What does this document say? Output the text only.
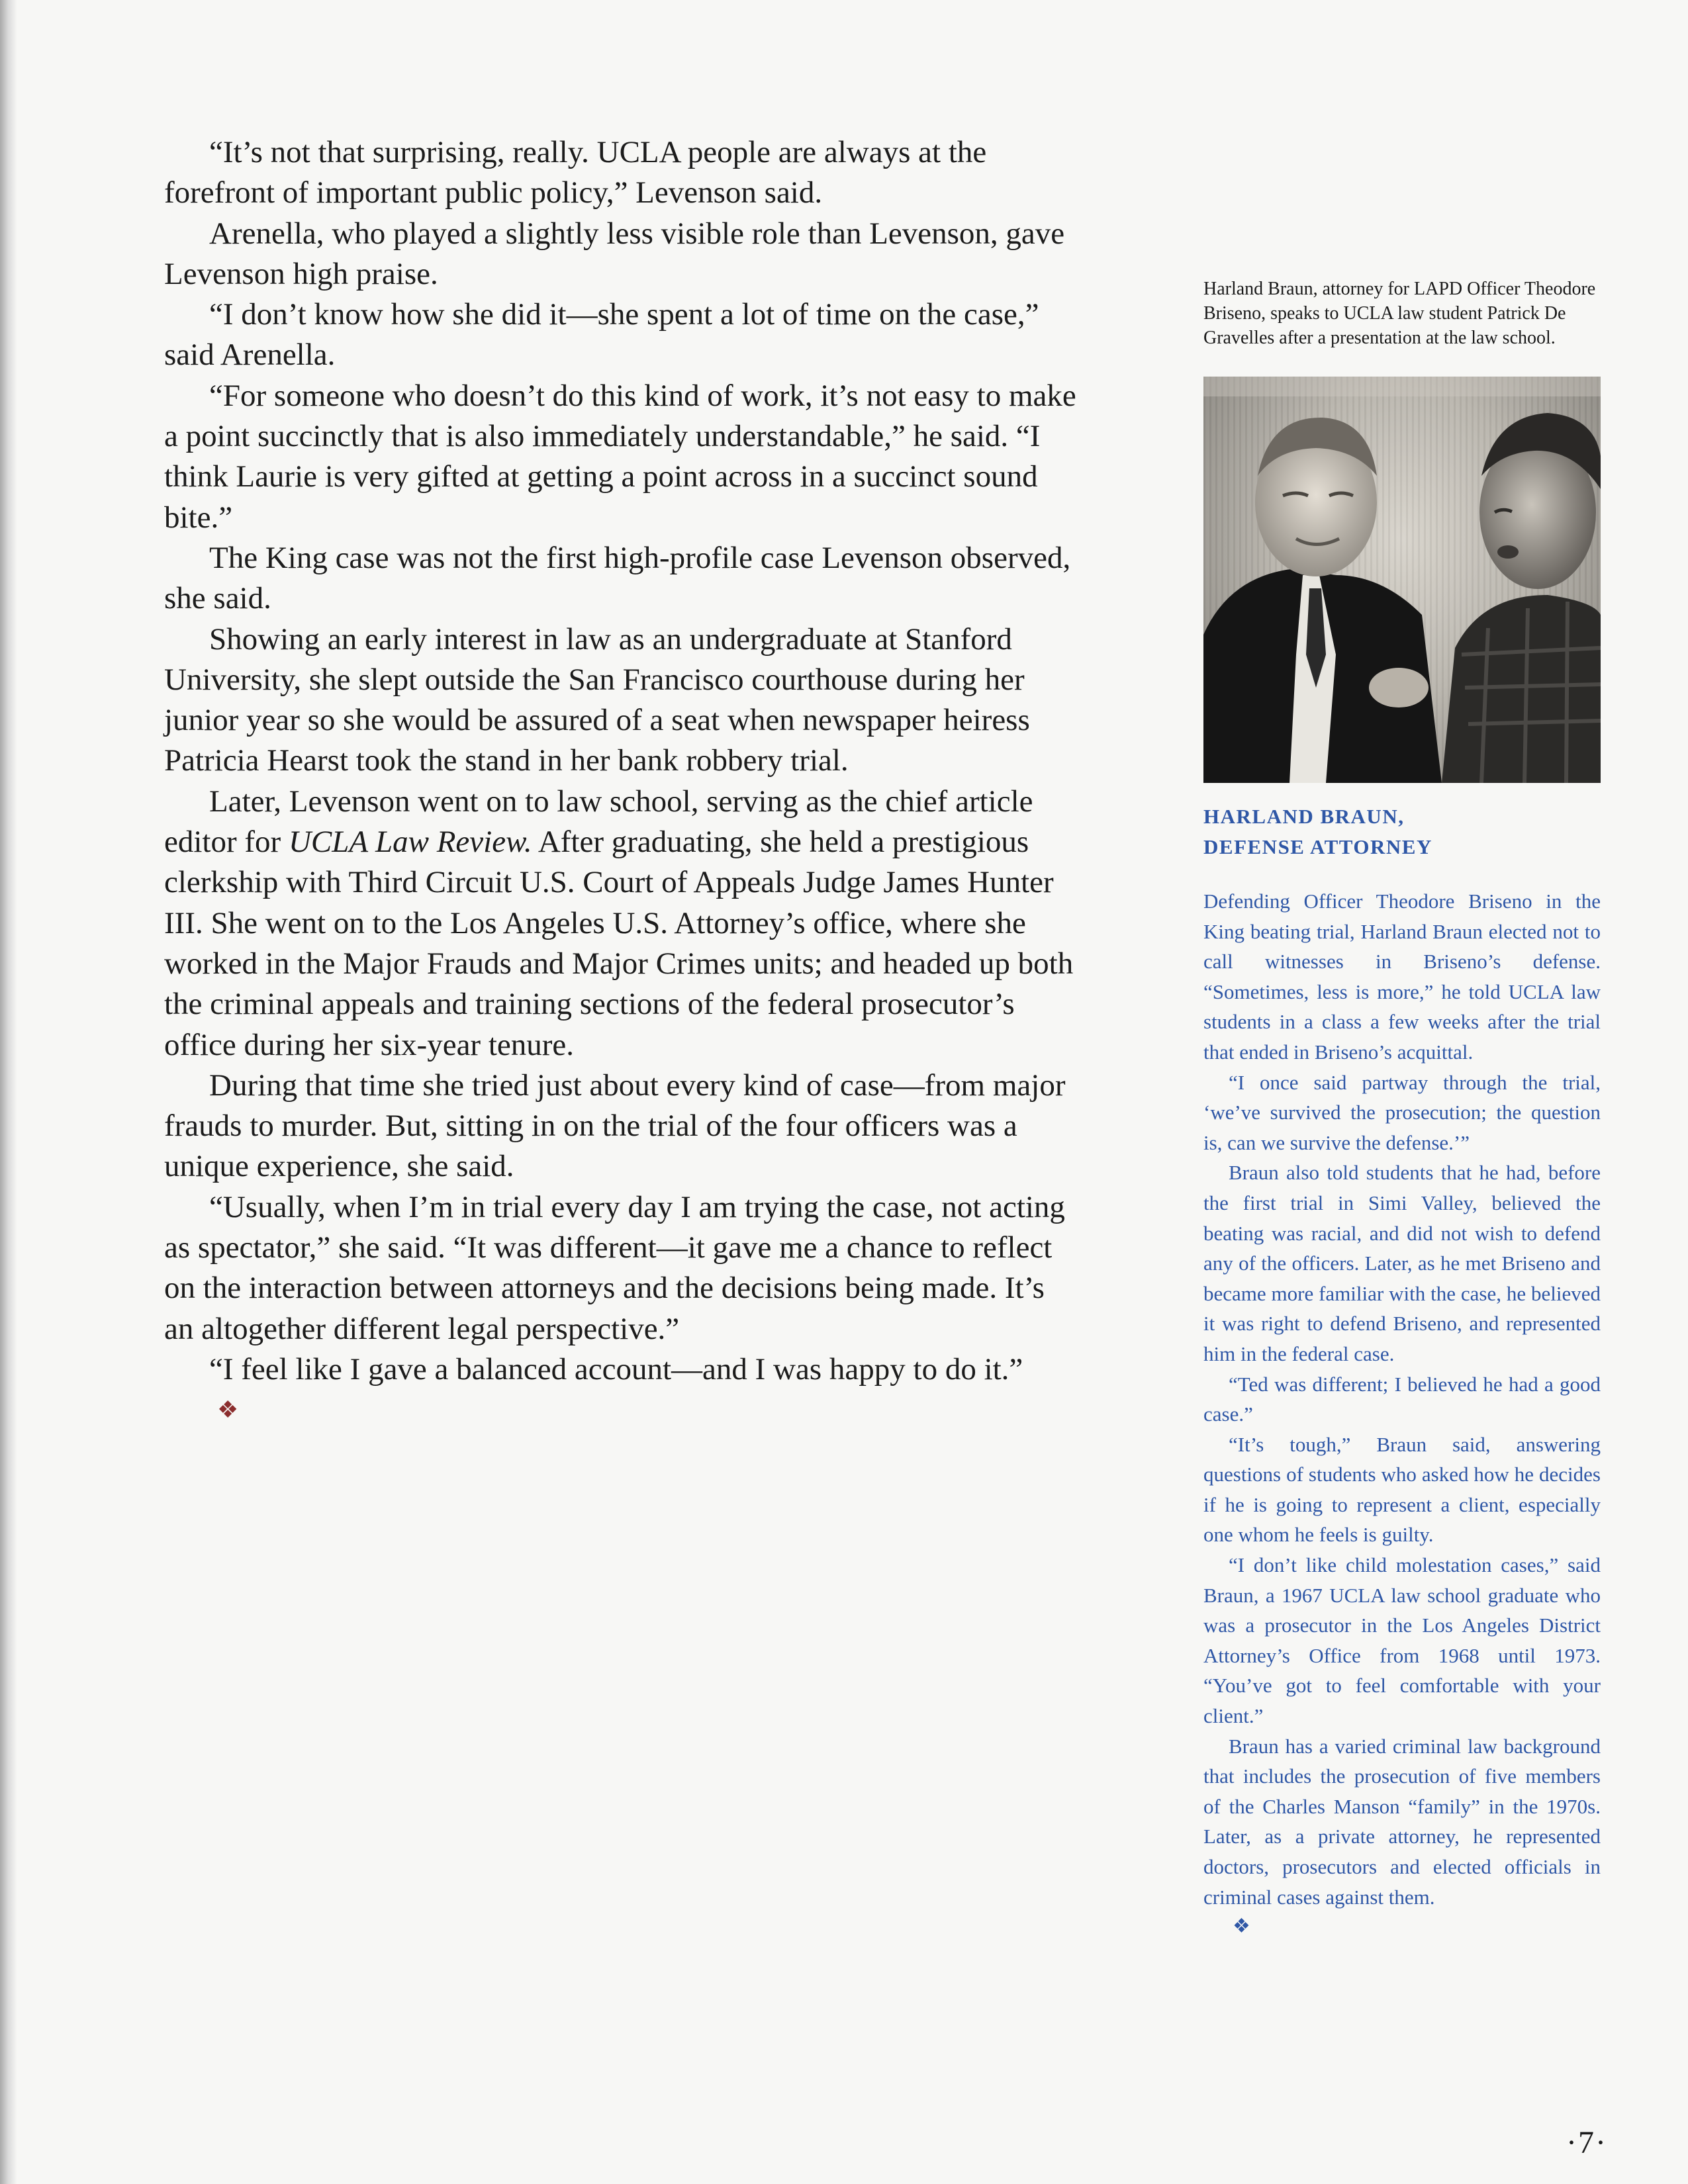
“It’s not that surprising, really. UCLA people are always at the forefront of important public policy,” Levenson said.

Arenella, who played a slightly less visible role than Levenson, gave Levenson high praise.

“I don’t know how she did it—she spent a lot of time on the case,” said Arenella.

“For someone who doesn’t do this kind of work, it’s not easy to make a point succinctly that is also immediately understandable,” he said. “I think Laurie is very gifted at getting a point across in a succinct sound bite.”

The King case was not the first high-profile case Levenson observed, she said.

Showing an early interest in law as an undergraduate at Stanford University, she slept outside the San Francisco courthouse during her junior year so she would be assured of a seat when newspaper heiress Patricia Hearst took the stand in her bank robbery trial.

Later, Levenson went on to law school, serving as the chief article editor for UCLA Law Review. After graduating, she held a prestigious clerkship with Third Circuit U.S. Court of Appeals Judge James Hunter III. She went on to the Los Angeles U.S. Attorney’s office, where she worked in the Major Frauds and Major Crimes units; and headed up both the criminal appeals and training sections of the federal prosecutor’s office during her six-year tenure.

During that time she tried just about every kind of case—from major frauds to murder. But, sitting in on the trial of the four officers was a unique experience, she said.

“Usually, when I’m in trial every day I am trying the case, not acting as spectator,” she said. “It was different—it gave me a chance to reflect on the interaction between attorneys and the decisions being made. It’s an altogether different legal perspective.”

“I feel like I gave a balanced account—and I was happy to do it.”

❖

Harland Braun, attorney for LAPD Officer Theodore Briseno, speaks to UCLA law student Patrick De Gravelles after a presentation at the law school.

HARLAND BRAUN,
DEFENSE ATTORNEY

Defending Officer Theodore Briseno in the King beating trial, Harland Braun elected not to call witnesses in Briseno’s defense. “Sometimes, less is more,” he told UCLA law students in a class a few weeks after the trial that ended in Briseno’s acquittal.

“I once said partway through the trial, ‘we’ve survived the prosecution; the question is, can we survive the defense.’”

Braun also told students that he had, before the first trial in Simi Valley, believed the beating was racial, and did not wish to defend any of the officers. Later, as he met Briseno and became more familiar with the case, he believed it was right to defend Briseno, and represented him in the federal case.

“Ted was different; I believed he had a good case.”

“It’s tough,” Braun said, answering questions of students who asked how he decides if he is going to represent a client, especially one whom he feels is guilty.

“I don’t like child molestation cases,” said Braun, a 1967 UCLA law school graduate who was a prosecutor in the Los Angeles District Attorney’s Office from 1968 until 1973. “You’ve got to feel comfortable with your client.”

Braun has a varied criminal law background that includes the prosecution of five members of the Charles Manson “family” in the 1970s. Later, as a private attorney, he represented doctors, prosecutors and elected officials in criminal cases against them.

❖
·7·
